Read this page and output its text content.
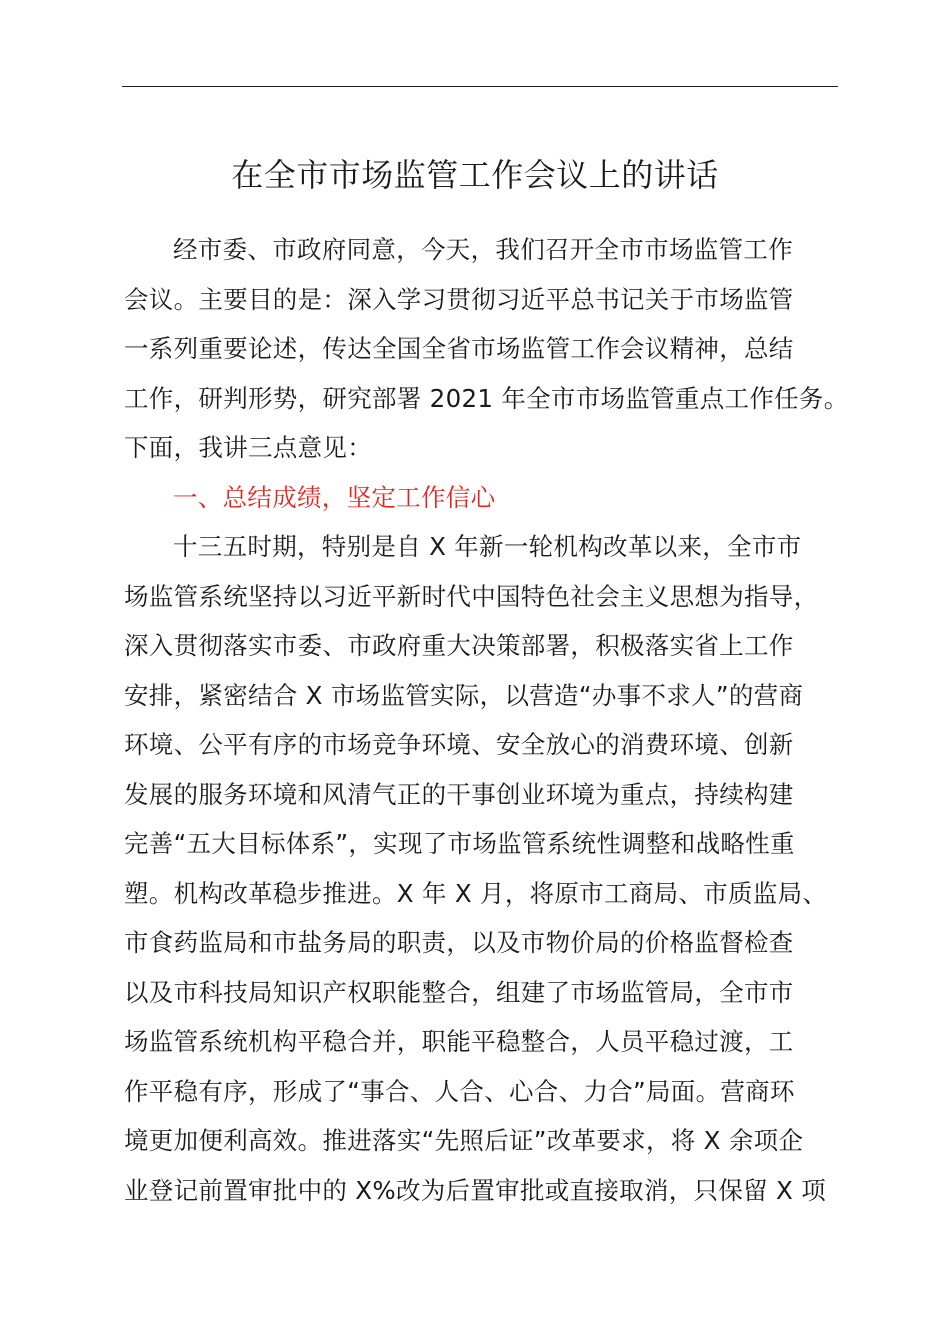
在全市市场监管工作会议上的讲话
经市委、市政府同意，今天，我们召开全市市场监管工作
会议。主要目的是：深入学习贯彻习近平总书记关于市场监管
一系列重要论述，传达全国全省市场监管工作会议精神，总结
工作，研判形势，研究部署 2021 年全市市场监管重点工作任务。
下面，我讲三点意见：
一、总结成绩，坚定工作信心
十三五时期，特别是自 X 年新一轮机构改革以来，全市市
场监管系统坚持以习近平新时代中国特色社会主义思想为指导，
深入贯彻落实市委、市政府重大决策部署，积极落实省上工作
安排，紧密结合 X 市场监管实际，以营造“办事不求人”的营商
环境、公平有序的市场竞争环境、安全放心的消费环境、创新
发展的服务环境和风清气正的干事创业环境为重点，持续构建
完善“五大目标体系”，实现了市场监管系统性调整和战略性重
塑。机构改革稳步推进。X 年 X 月，将原市工商局、市质监局、
市食药监局和市盐务局的职责，以及市物价局的价格监督检查
以及市科技局知识产权职能整合，组建了市场监管局，全市市
场监管系统机构平稳合并，职能平稳整合，人员平稳过渡，工
作平稳有序，形成了“事合、人合、心合、力合”局面。营商环
境更加便利高效。推进落实“先照后证”改革要求，将 X 余项企
业登记前置审批中的 X%改为后置审批或直接取消，只保留 X 项
